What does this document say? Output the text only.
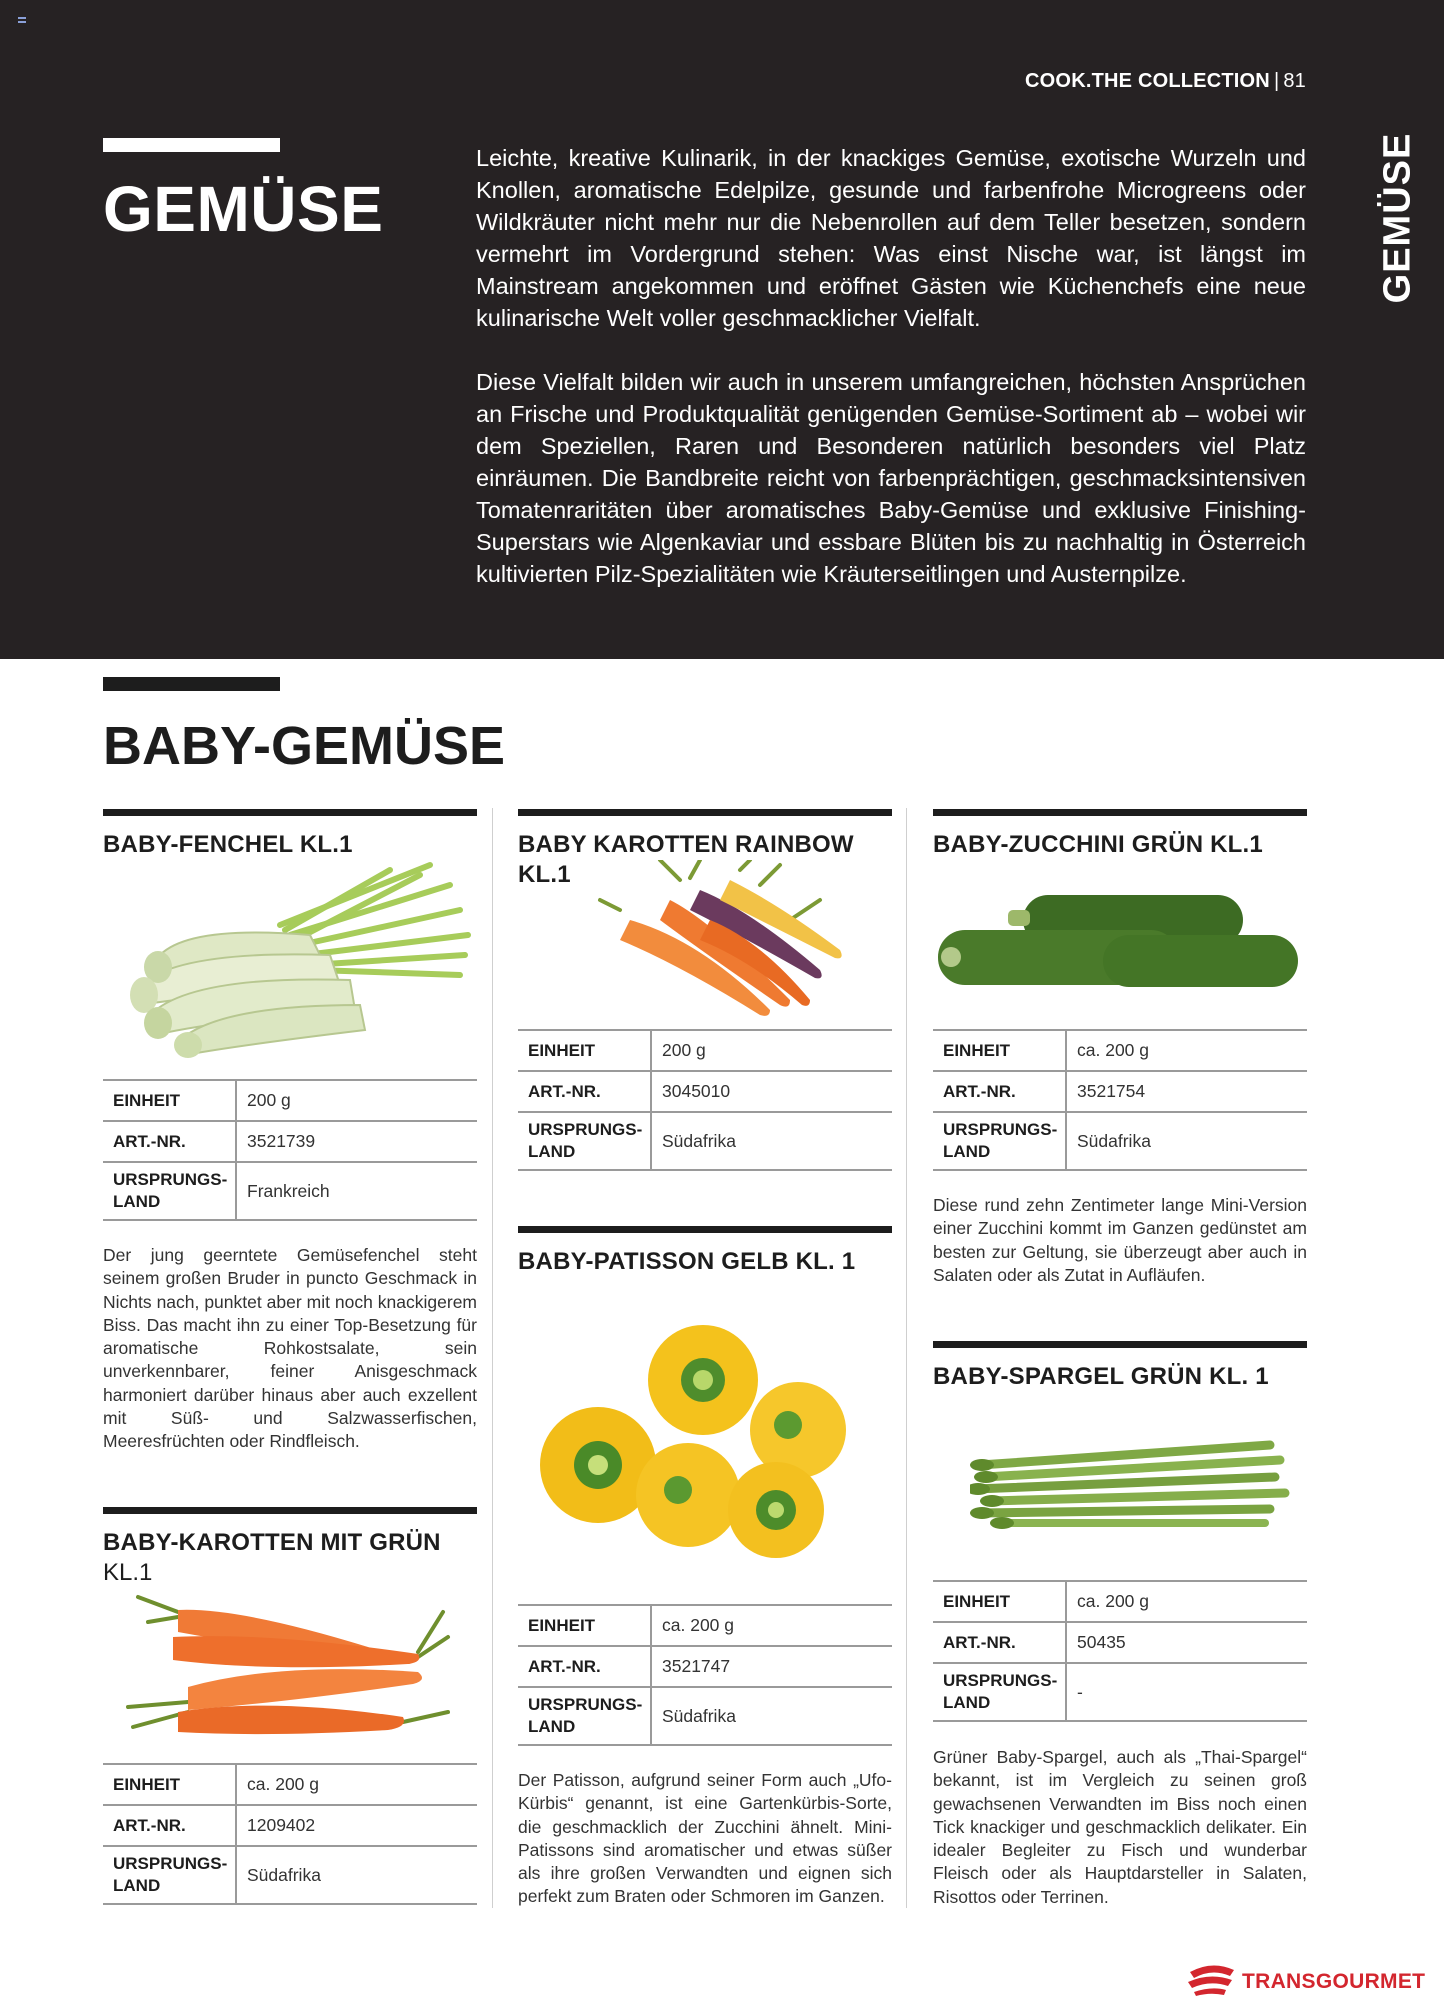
COOK.THE COLLECTION | 81
GEMÜSE
GEMÜSE

Leichte, kreative Kulinarik, in der knackiges Gemüse, exotische Wurzeln und Knollen, aromatische Edelpilze, gesunde und farbenfrohe Microgreens oder Wildkräuter nicht mehr nur die Nebenrollen auf dem Teller besetzen, sondern vermehrt im Vordergrund stehen: Was einst Nische war, ist längst im Mainstream angekommen und eröffnet Gästen wie Küchenchefs eine neue kulinarische Welt voller geschmacklicher Vielfalt.

Diese Vielfalt bilden wir auch in unserem umfangreichen, höchsten Ansprüchen an Frische und Produktqualität genügenden Gemüse-Sortiment ab – wobei wir dem Speziellen, Raren und Besonderen natürlich besonders viel Platz einräumen. Die Bandbreite reicht von farbenprächtigen, geschmacksintensiven Tomatenraritäten über aromatisches Baby-Gemüse und exklusive Finishing-Superstars wie Algenkaviar und essbare Blüten bis zu nachhaltig in Österreich kultivierten Pilz-Spezialitäten wie Kräuterseitlingen und Austernpilze.

BABY-GEMÜSE
BABY-FENCHEL KL.1
EINHEIT	200 g
ART.-NR.	3521739
URSPRUNGS-
LAND	Frankreich

Der jung geerntete Gemüsefenchel steht seinem großen Bruder in puncto Geschmack in Nichts nach, punktet aber mit noch knackigerem Biss. Das macht ihn zu einer Top-Besetzung für aromatische Rohkostsalate, sein unverkennbarer, feiner Anisgeschmack harmoniert darüber hinaus aber auch exzellent mit Süß- und Salzwasserfischen, Meeresfrüchten oder Rindfleisch.

BABY-KAROTTEN MIT GRÜN
KL.1
EINHEIT	ca. 200 g
ART.-NR.	1209402
URSPRUNGS-
LAND	Südafrika
BABY KAROTTEN RAINBOW KL.1
EINHEIT	200 g
ART.-NR.	3045010
URSPRUNGS-
LAND	Südafrika
BABY-PATISSON GELB KL. 1
EINHEIT	ca. 200 g
ART.-NR.	3521747
URSPRUNGS-
LAND	Südafrika

Der Patisson, aufgrund seiner Form auch „Ufo-Kürbis“ genannt, ist eine Gartenkürbis-Sorte, die geschmacklich der Zucchini ähnelt. Mini-Patissons sind aromatischer und etwas süßer als ihre großen Verwandten und eignen sich perfekt zum Braten oder Schmoren im Ganzen.

BABY-ZUCCHINI GRÜN KL.1
EINHEIT	ca. 200 g
ART.-NR.	3521754
URSPRUNGS-
LAND	Südafrika

Diese rund zehn Zentimeter lange Mini-Version einer Zucchini kommt im Ganzen gedünstet am besten zur Geltung, sie überzeugt aber auch in Salaten oder als Zutat in Aufläufen.

BABY-SPARGEL GRÜN KL. 1
EINHEIT	ca. 200 g
ART.-NR.	50435
URSPRUNGS-
LAND	-

Grüner Baby-Spargel, auch als „Thai-Spargel“ bekannt, ist im Vergleich zu seinen groß gewachsenen Verwandten im Biss noch einen Tick knackiger und geschmacklich delikater. Ein idealer Begleiter zu Fisch und wunderbar Fleisch oder als Hauptdarsteller in Salaten, Risottos oder Terrinen.

TRANSGOURMET
